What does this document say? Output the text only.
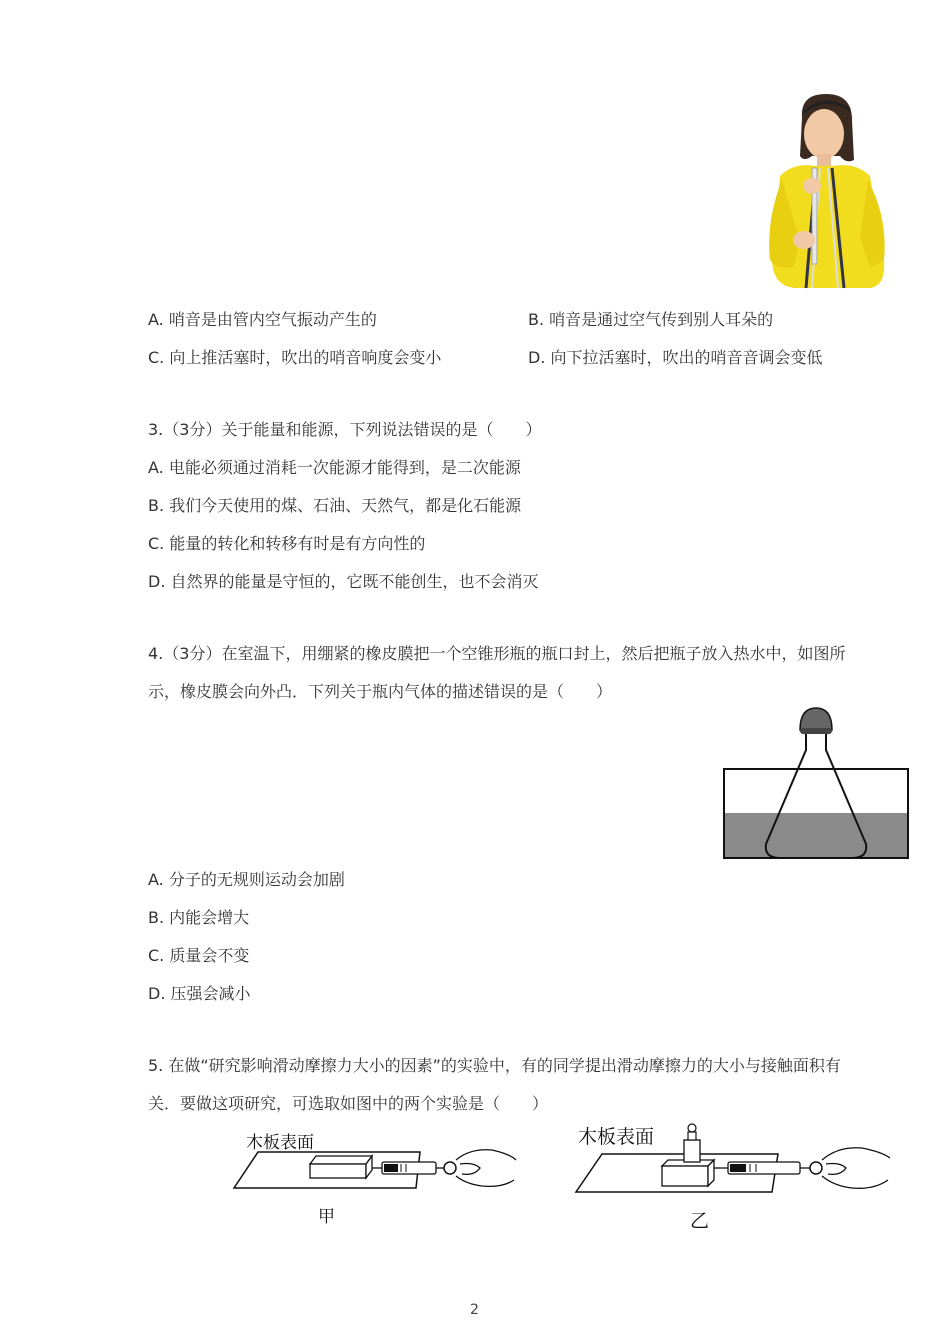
A. 哨音是由管内空气振动产生的	B. 哨音是通过空气传到别人耳朵的
C. 向上推活塞时，吹出的哨音响度会变小	D. 向下拉活塞时，吹出的哨音音调会变低
3.（3分）关于能量和能源，下列说法错误的是（　　）
A. 电能必须通过消耗一次能源才能得到，是二次能源
B. 我们今天使用的煤、石油、天然气，都是化石能源
C. 能量的转化和转移有时是有方向性的
D. 自然界的能量是守恒的，它既不能创生，也不会消灭
4.（3分）在室温下，用绷紧的橡皮膜把一个空锥形瓶的瓶口封上，然后把瓶子放入热水中，如图所
示，橡皮膜会向外凸．下列关于瓶内气体的描述错误的是（　　）
A. 分子的无规则运动会加剧
B. 内能会增大
C. 质量会不变
D. 压强会减小
5. 在做“研究影响滑动摩擦力大小的因素”的实验中，有的同学提出滑动摩擦力的大小与接触面积有
关．要做这项研究，可选取如图中的两个实验是（　　）
木板表面
甲
木板表面
乙
2
